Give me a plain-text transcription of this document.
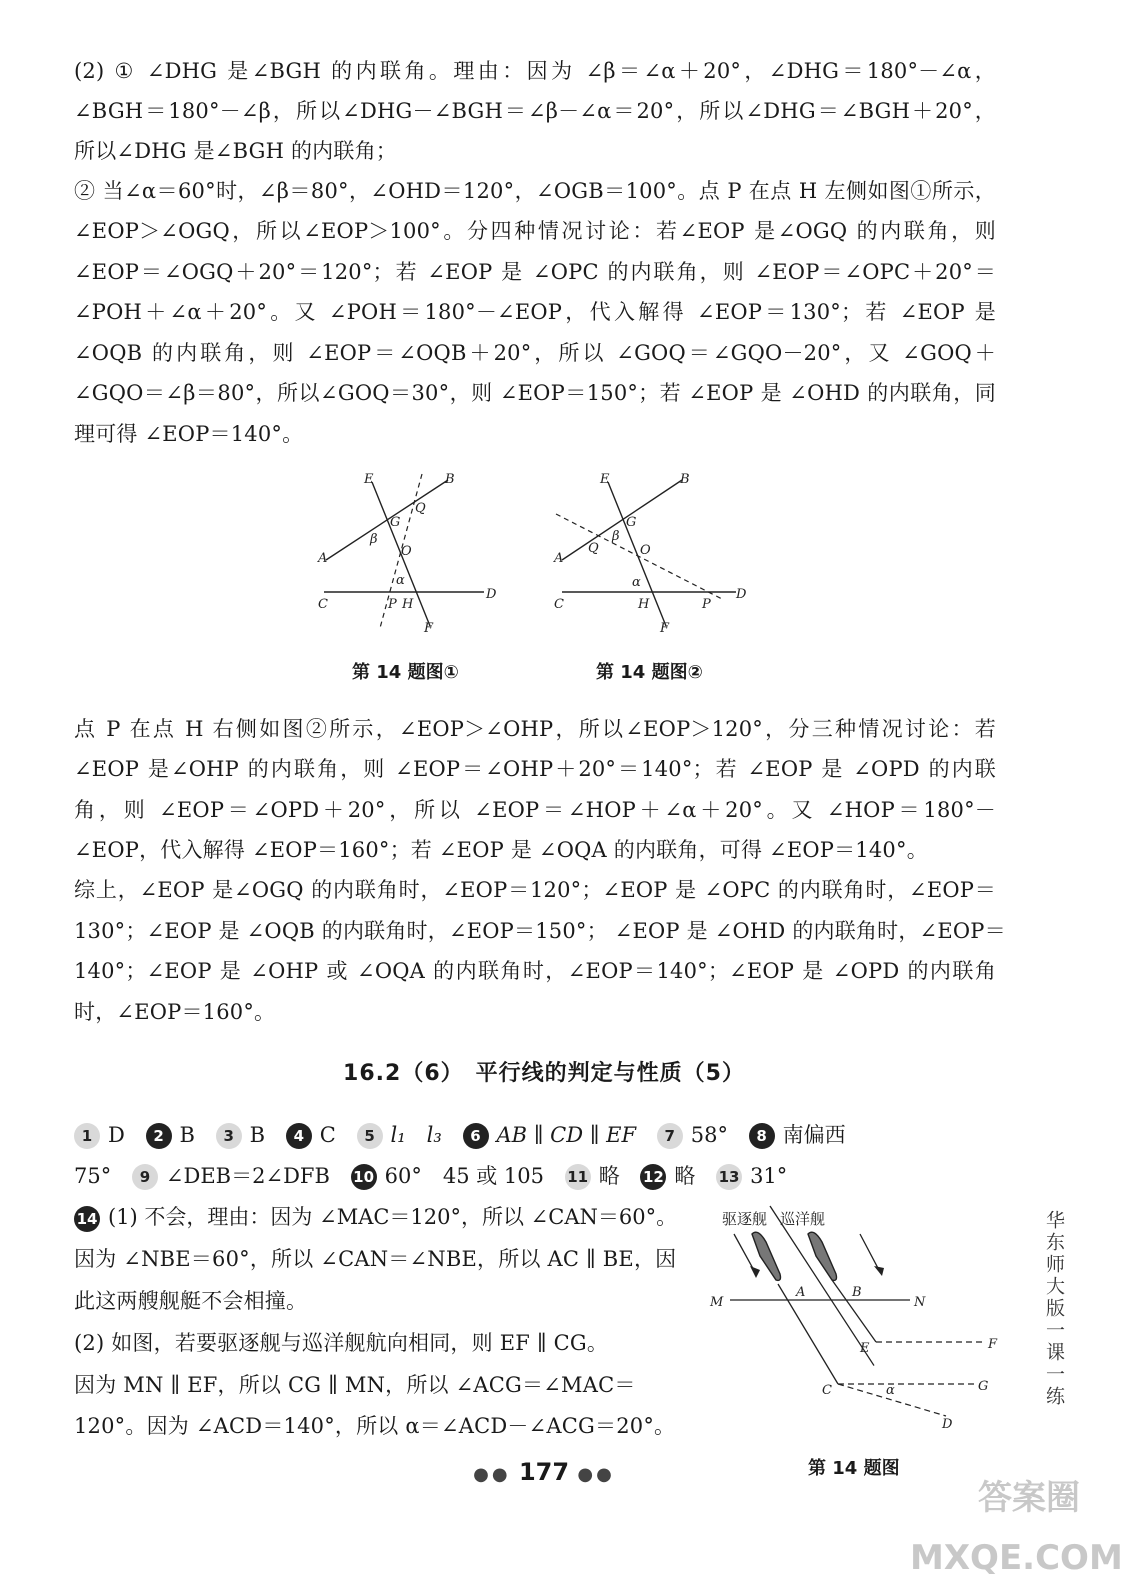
(2) ① ∠DHG 是∠BGH 的内联角。理由：因为 ∠β＝∠α＋20°，∠DHG＝180°－∠α，
∠BGH＝180°－∠β，所以∠DHG－∠BGH＝∠β－∠α＝20°，所以∠DHG＝∠BGH＋20°，
所以∠DHG 是∠BGH 的内联角；
② 当∠α＝60°时，∠β＝80°，∠OHD＝120°，∠OGB＝100°。点 P 在点 H 左侧如图①所示，
∠EOP＞∠OGQ，所以∠EOP＞100°。分四种情况讨论：若∠EOP 是∠OGQ 的内联角，则
∠EOP＝∠OGQ＋20°＝120°；若 ∠EOP 是 ∠OPC 的内联角，则 ∠EOP＝∠OPC＋20°＝
∠POH＋∠α＋20°。又 ∠POH＝180°－∠EOP，代入解得 ∠EOP＝130°；若 ∠EOP 是
∠OQB 的内联角，则 ∠EOP＝∠OQB＋20°，所以 ∠GOQ＝∠GQO－20°，又 ∠GOQ＋
∠GQO＝∠β＝80°，所以∠GOQ＝30°，则 ∠EOP＝150°；若 ∠EOP 是 ∠OHD 的内联角，同
理可得 ∠EOP＝140°。
E	B
Q
G
β
O
A
α
C	P H
D
F
第 14 题图①
E	B
G
A
Q
β
O
α
C	H	P
D
F
第 14 题图②
点 P 在点 H 右侧如图②所示，∠EOP＞∠OHP，所以∠EOP＞120°，分三种情况讨论：若
∠EOP 是∠OHP 的内联角，则 ∠EOP＝∠OHP＋20°＝140°；若 ∠EOP 是 ∠OPD 的内联
角，则 ∠EOP＝∠OPD＋20°，所以 ∠EOP＝∠HOP＋∠α＋20°。又 ∠HOP＝180°－
∠EOP，代入解得 ∠EOP＝160°；若 ∠EOP 是 ∠OQA 的内联角，可得 ∠EOP＝140°。
综上，∠EOP 是∠OGQ 的内联角时，∠EOP＝120°；∠EOP 是 ∠OPC 的内联角时，∠EOP＝
130°；∠EOP 是 ∠OQB 的内联角时，∠EOP＝150°； ∠EOP 是 ∠OHD 的内联角时，∠EOP＝
140°；∠EOP 是 ∠OHP 或 ∠OQA 的内联角时，∠EOP＝140°；∠EOP 是 ∠OPD 的内联角
时，∠EOP＝160°。
16.2（6）　平行线的判定与性质（5）
1 D 2 B 3 B 4 C 5 l₁　l₃ 6 AB ∥ CD ∥ EF 7 58° 8 南偏西
75° 9 ∠DEB＝2∠DFB 10 60°　45 或 105 11 略 12 略 13 31°
14 (1) 不会，理由：因为 ∠MAC＝120°，所以 ∠CAN＝60°。
因为 ∠NBE＝60°，所以 ∠CAN＝∠NBE，所以 AC ∥ BE，因
此这两艘舰艇不会相撞。
(2) 如图，若要驱逐舰与巡洋舰航向相同，则 EF ∥ CG。
因为 MN ∥ EF，所以 CG ∥ MN，所以 ∠ACG＝∠MAC＝
120°。因为 ∠ACD＝140°，所以 α＝∠ACD－∠ACG＝20°。
驱逐舰 巡洋舰
M
A	B
N
E	F
C	α	G
D
第 14 题图
华东师大版一课一练
●● 177 ●●
答案圈 MXQE.COM
